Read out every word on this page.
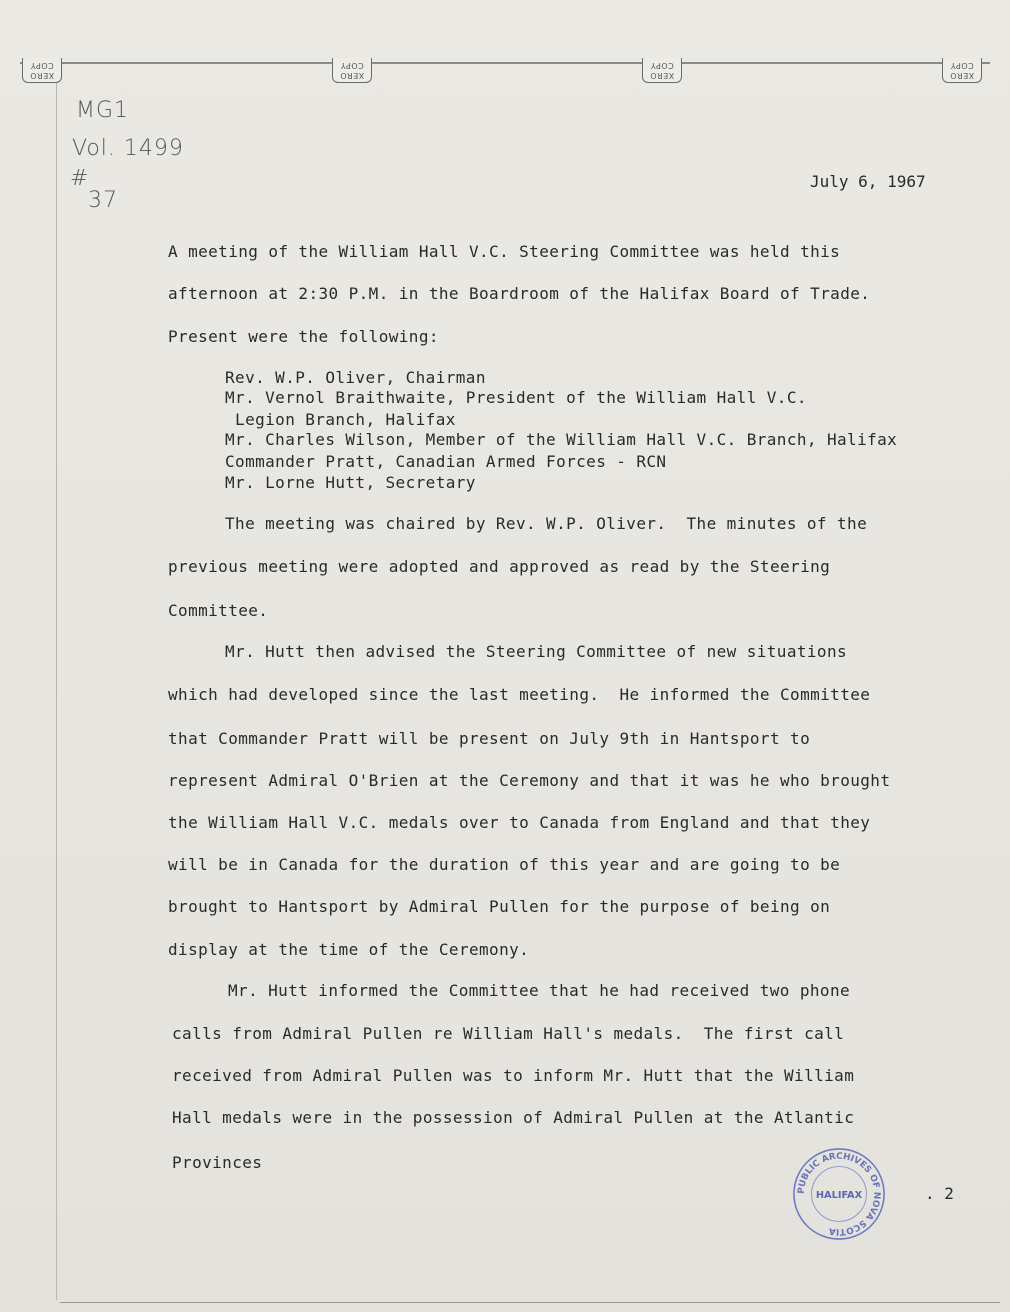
COPY
XERO
COPY
XERO
COPY
XERO
COPY
XERO
MG1
Vol. 1499
#
37
July 6, 1967
A meeting of the William Hall V.C. Steering Committee was held this
afternoon at 2:30 P.M. in the Boardroom of the Halifax Board of Trade.
Present were the following:
Rev. W.P. Oliver, Chairman
Mr. Vernol Braithwaite, President of the William Hall V.C.
Legion Branch, Halifax
Mr. Charles Wilson, Member of the William Hall V.C. Branch, Halifax
Commander Pratt, Canadian Armed Forces - RCN
Mr. Lorne Hutt, Secretary
The meeting was chaired by Rev. W.P. Oliver.  The minutes of the
previous meeting were adopted and approved as read by the Steering
Committee.
Mr. Hutt then advised the Steering Committee of new situations
which had developed since the last meeting.  He informed the Committee
that Commander Pratt will be present on July 9th in Hantsport to
represent Admiral O'Brien at the Ceremony and that it was he who brought
the William Hall V.C. medals over to Canada from England and that they
will be in Canada for the duration of this year and are going to be
brought to Hantsport by Admiral Pullen for the purpose of being on
display at the time of the Ceremony.
Mr. Hutt informed the Committee that he had received two phone
calls from Admiral Pullen re William Hall's medals.  The first call
received from Admiral Pullen was to inform Mr. Hutt that the William
Hall medals were in the possession of Admiral Pullen at the Atlantic
Provinces
PUBLIC ARCHIVES OF NOVA SCOTIA
HALIFAX	. 2
